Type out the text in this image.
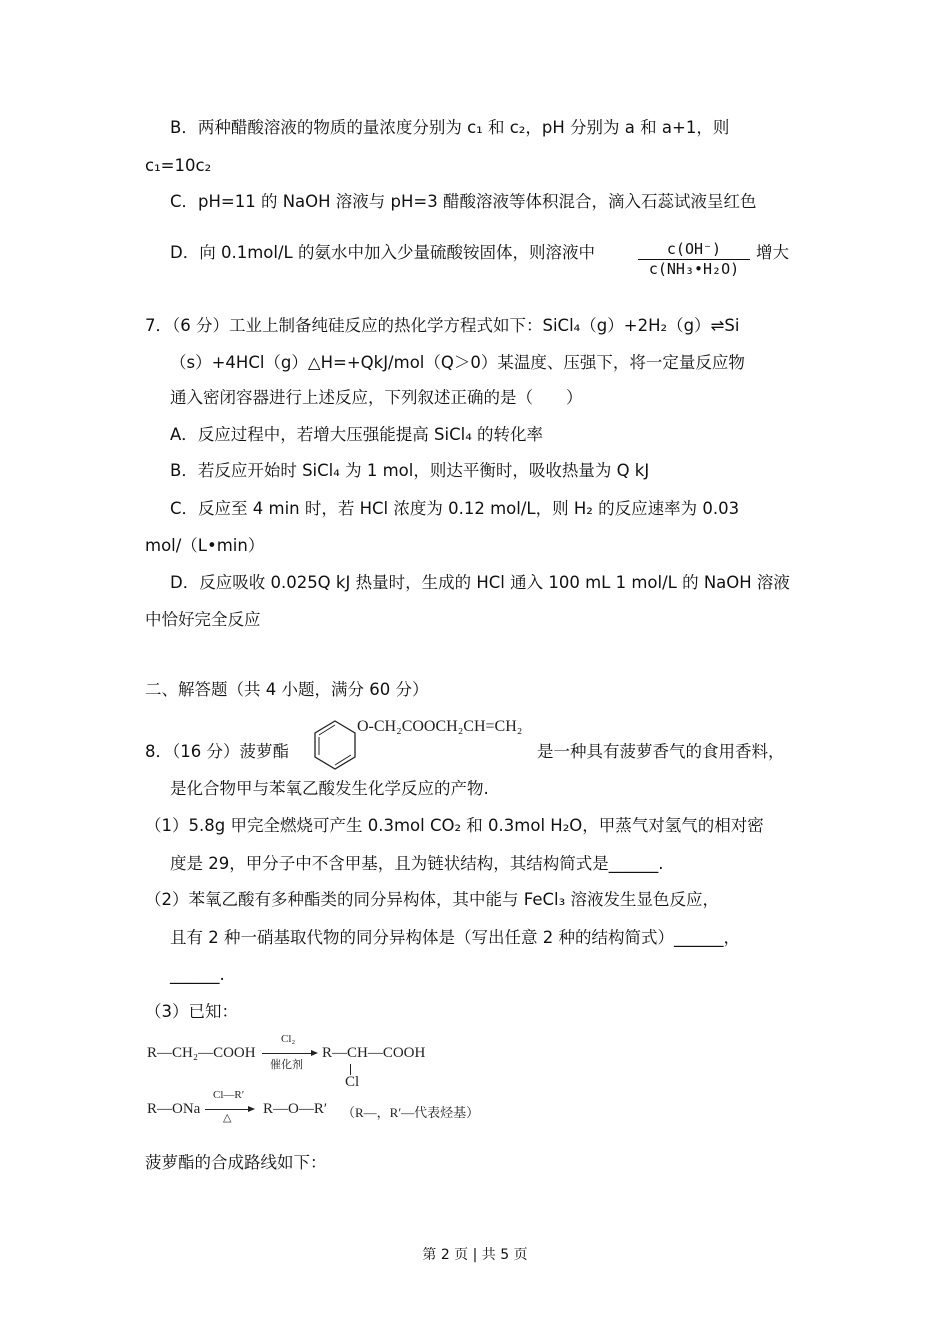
B．两种醋酸溶液的物质的量浓度分别为 c₁ 和 c₂，pH 分别为 a 和 a+1，则
c₁=10c₂
C．pH=11 的 NaOH 溶液与 pH=3 醋酸溶液等体积混合，滴入石蕊试液呈红色
D．向 0.1mol/L 的氨水中加入少量硫酸铵固体，则溶液中	$\frac{c(OH^-)}{\text{c(NH₃•H₂O)}}$ 增大
7．（6 分）工业上制备纯硅反应的热化学方程式如下：SiCl₄（g）+2H₂（g）⇌Si
（s）+4HCl（g）△H=+QkJ/mol（Q＞0）某温度、压强下，将一定量反应物
通入密闭容器进行上述反应，下列叙述正确的是（　　）
A．反应过程中，若增大压强能提高 SiCl₄ 的转化率
B．若反应开始时 SiCl₄ 为 1 mol，则达平衡时，吸收热量为 Q kJ
C．反应至 4 min 时，若 HCl 浓度为 0.12 mol/L，则 H₂ 的反应速率为 0.03
mol/（L•min）
D．反应吸收 0.025Q kJ 热量时，生成的 HCl 通入 100 mL 1 mol/L 的 NaOH 溶液
中恰好完全反应
二、解答题（共 4 小题，满分 60 分）
8．（16 分）菠萝酯
O-CH₂COOCH₂CH=CH₂
是一种具有菠萝香气的食用香料，
是化合物甲与苯氧乙酸发生化学反应的产物.
（1）5.8g 甲完全燃烧可产生 0.3mol CO₂ 和 0.3mol H₂O，甲蒸气对氢气的相对密
度是 29，甲分子中不含甲基，且为链状结构，其结构简式是______.
（2）苯氧乙酸有多种酯类的同分异构体，其中能与 FeCl₃ 溶液发生显色反应，
且有 2 种一硝基取代物的同分异构体是（写出任意 2 种的结构简式）______，
______.
（3）已知：
R—CH₂—COOH
Cl₂
催化剂
R—CH—COOH
Cl
R—ONa
Cl—R′
△
R—O—R′ （R—，R′—代表烃基）
菠萝酯的合成路线如下：
第 2 页 | 共 5 页
